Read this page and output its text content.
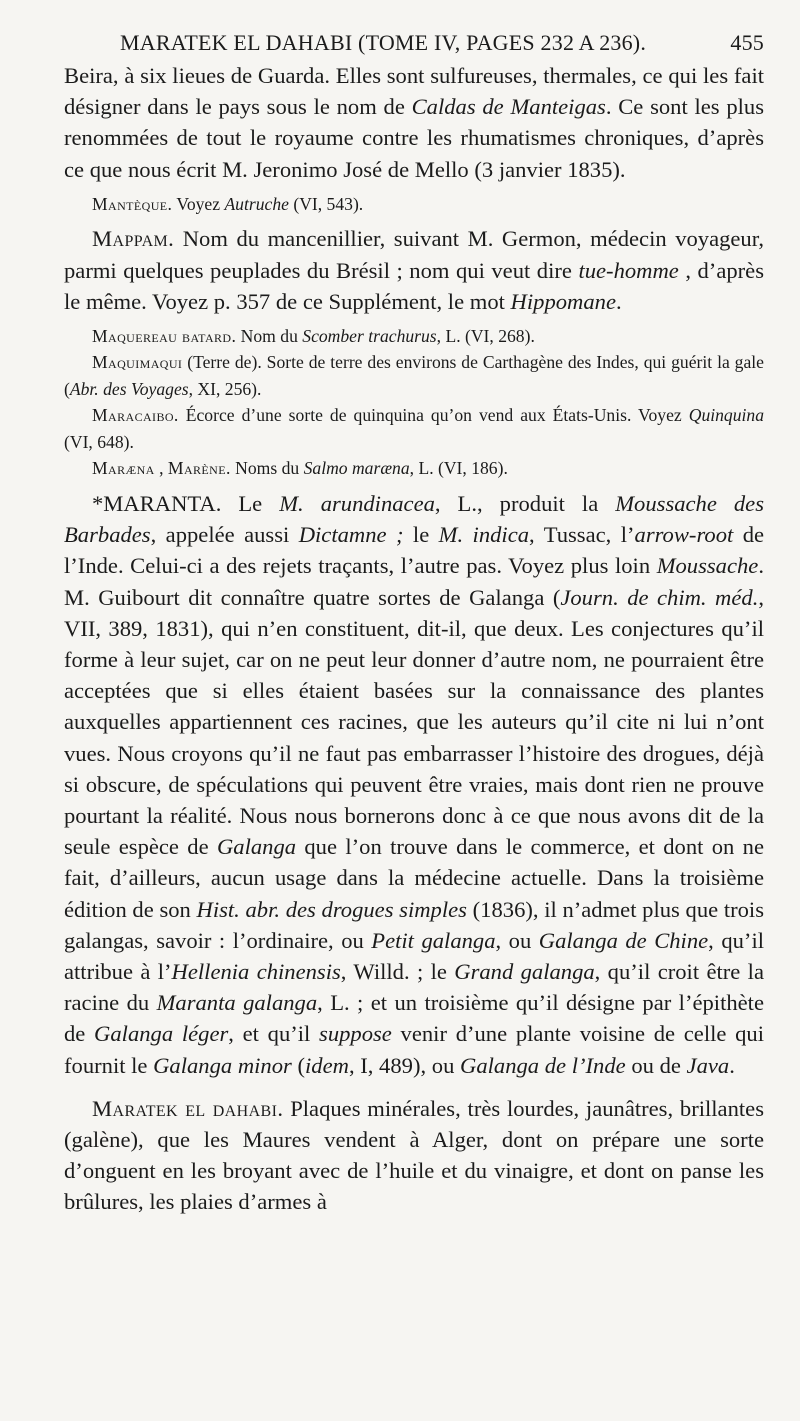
MARATEK EL DAHABI (TOME IV, PAGES 232 A 236).	455

Beira, à six lieues de Guarda. Elles sont sulfureuses, thermales, ce qui les fait désigner dans le pays sous le nom de Caldas de Manteigas. Ce sont les plus renommées de tout le royaume contre les rhumatismes chroniques, d’après ce que nous écrit M. Jeronimo José de Mello (3 janvier 1835).

Mantèque. Voyez Autruche (VI, 543).

Mappam. Nom du mancenillier, suivant M. Germon, médecin voyageur, parmi quelques peuplades du Brésil ; nom qui veut dire tue-homme , d’après le même. Voyez p. 357 de ce Supplément, le mot Hippomane.

Maquereau batard. Nom du Scomber trachurus, L. (VI, 268).

Maquimaqui (Terre de). Sorte de terre des environs de Carthagène des Indes, qui guérit la gale (Abr. des Voyages, XI, 256).

Maracaibo. Écorce d’une sorte de quinquina qu’on vend aux États-Unis. Voyez Quinquina (VI, 648).

Maræna , Marène. Noms du Salmo maræna, L. (VI, 186).

*MARANTA. Le M. arundinacea, L., produit la Moussache des Barbades, appelée aussi Dictamne ; le M. indica, Tussac, l’arrow-root de l’Inde. Celui-ci a des rejets traçants, l’autre pas. Voyez plus loin Moussache. M. Guibourt dit connaître quatre sortes de Galanga (Journ. de chim. méd., VII, 389, 1831), qui n’en constituent, dit-il, que deux. Les conjectures qu’il forme à leur sujet, car on ne peut leur donner d’autre nom, ne pourraient être acceptées que si elles étaient basées sur la connaissance des plantes auxquelles appartiennent ces racines, que les auteurs qu’il cite ni lui n’ont vues. Nous croyons qu’il ne faut pas embarrasser l’histoire des drogues, déjà si obscure, de spéculations qui peuvent être vraies, mais dont rien ne prouve pourtant la réalité. Nous nous bornerons donc à ce que nous avons dit de la seule espèce de Galanga que l’on trouve dans le commerce, et dont on ne fait, d’ailleurs, aucun usage dans la médecine actuelle. Dans la troisième édition de son Hist. abr. des drogues simples (1836), il n’admet plus que trois galangas, savoir : l’ordinaire, ou Petit galanga, ou Galanga de Chine, qu’il attribue à l’Hellenia chinensis, Willd. ; le Grand galanga, qu’il croit être la racine du Maranta galanga, L. ; et un troisième qu’il désigne par l’épithète de Galanga léger, et qu’il suppose venir d’une plante voisine de celle qui fournit le Galanga minor (idem, I, 489), ou Galanga de l’Inde ou de Java.

Maratek el dahabi. Plaques minérales, très lourdes, jaunâtres, brillantes (galène), que les Maures vendent à Alger, dont on prépare une sorte d’onguent en les broyant avec de l’huile et du vinaigre, et dont on panse les brûlures, les plaies d’armes à
